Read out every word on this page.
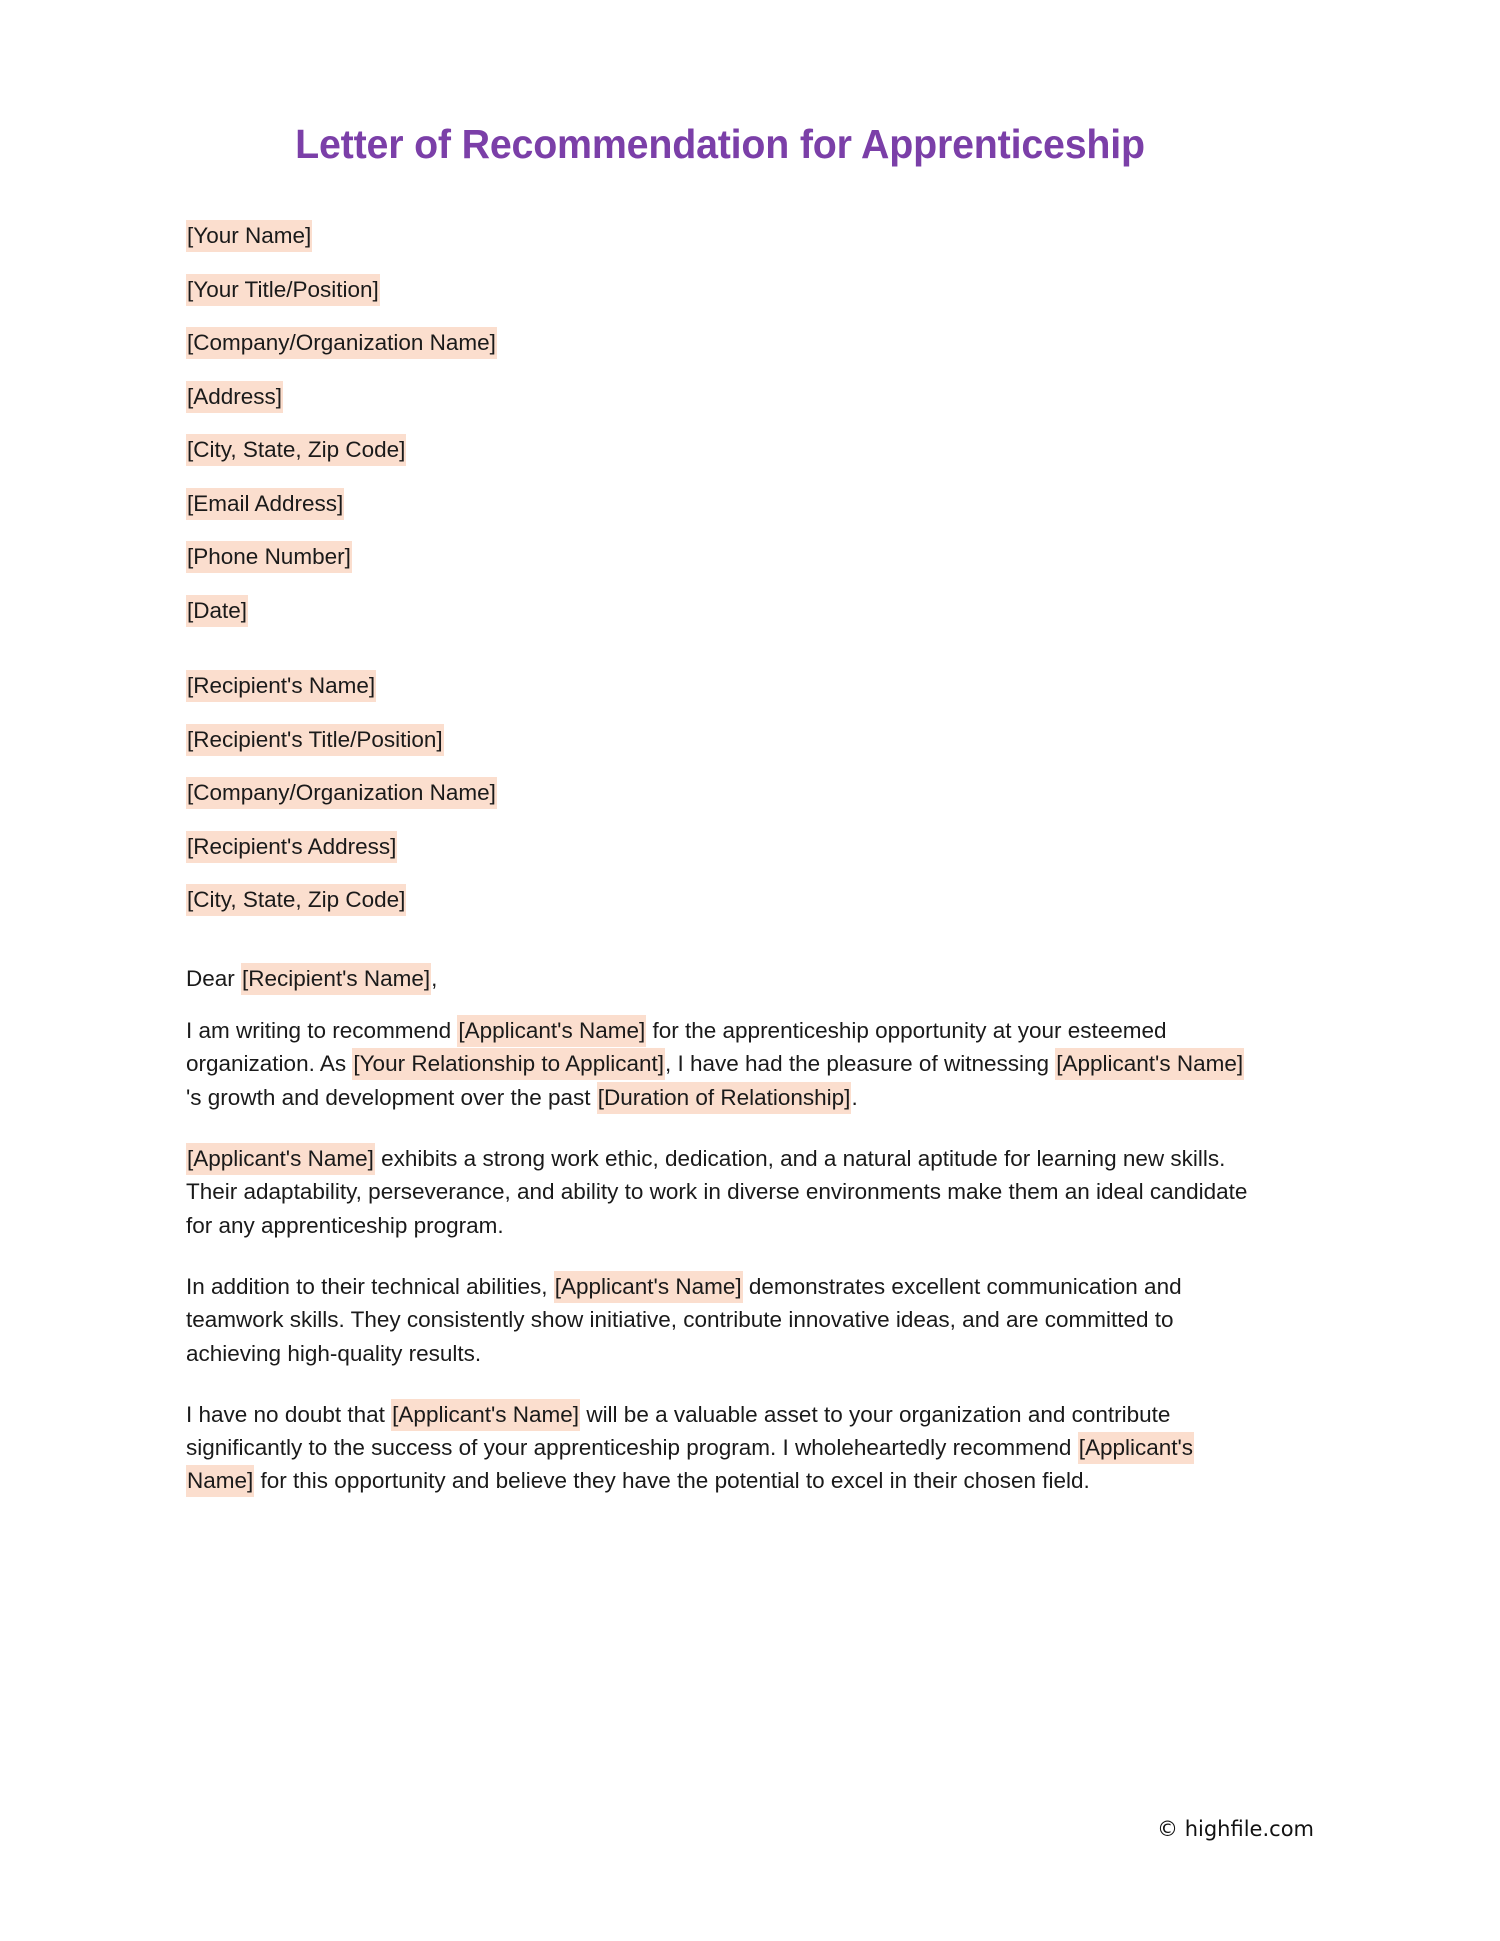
Letter of Recommendation for Apprenticeship
[Your Name]
[Your Title/Position]
[Company/Organization Name]
[Address]
[City, State, Zip Code]
[Email Address]
[Phone Number]
[Date]
[Recipient's Name]
[Recipient's Title/Position]
[Company/Organization Name]
[Recipient's Address]
[City, State, Zip Code]
Dear [Recipient's Name],

I am writing to recommend [Applicant's Name] for the apprenticeship opportunity at your esteemed organization. As [Your Relationship to Applicant], I have had the pleasure of witnessing [Applicant's Name] 's growth and development over the past [Duration of Relationship].

[Applicant's Name] exhibits a strong work ethic, dedication, and a natural aptitude for learning new skills. Their adaptability, perseverance, and ability to work in diverse environments make them an ideal candidate for any apprenticeship program.

In addition to their technical abilities, [Applicant's Name] demonstrates excellent communication and teamwork skills. They consistently show initiative, contribute innovative ideas, and are committed to achieving high-quality results.

I have no doubt that [Applicant's Name] will be a valuable asset to your organization and contribute significantly to the success of your apprenticeship program. I wholeheartedly recommend [Applicant's Name] for this opportunity and believe they have the potential to excel in their chosen field.

© highfile.com
